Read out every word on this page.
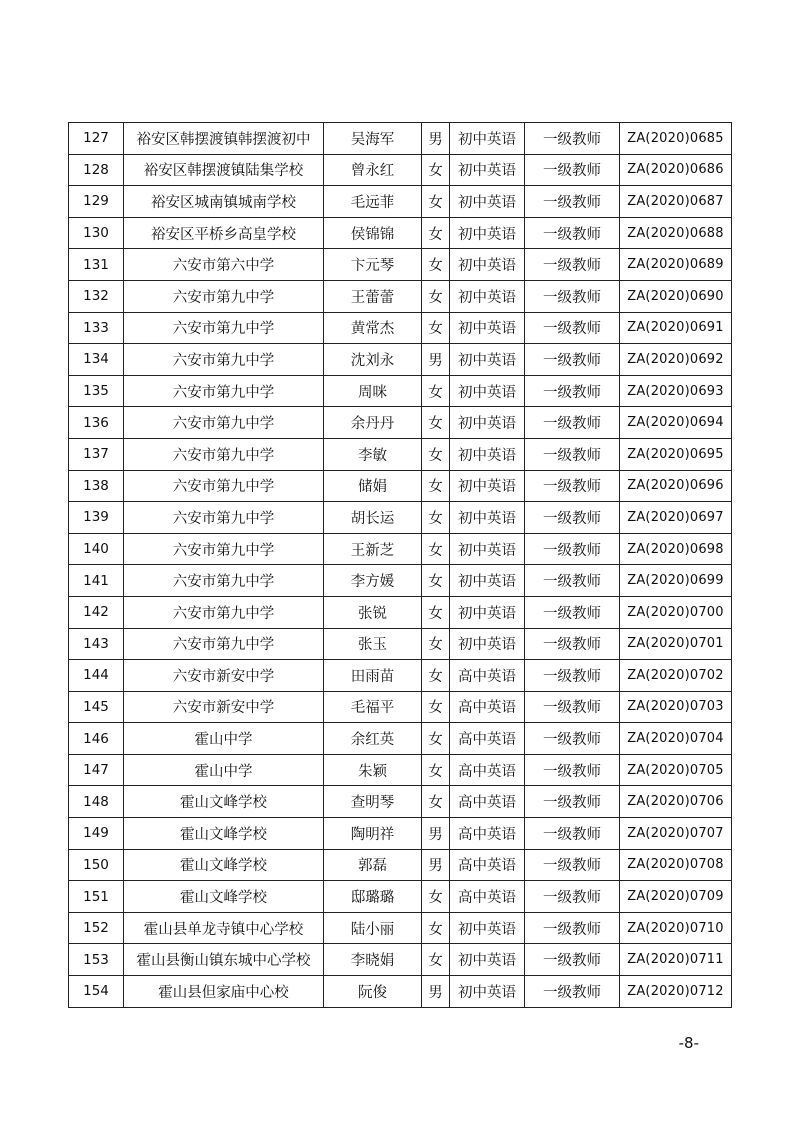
127	裕安区韩摆渡镇韩摆渡初中	吴海军	男	初中英语	一级教师	ZA(2020)0685
128	裕安区韩摆渡镇陆集学校	曾永红	女	初中英语	一级教师	ZA(2020)0686
129	裕安区城南镇城南学校	毛远菲	女	初中英语	一级教师	ZA(2020)0687
130	裕安区平桥乡高皇学校	侯锦锦	女	初中英语	一级教师	ZA(2020)0688
131	六安市第六中学	卞元琴	女	初中英语	一级教师	ZA(2020)0689
132	六安市第九中学	王蕾蕾	女	初中英语	一级教师	ZA(2020)0690
133	六安市第九中学	黄常杰	女	初中英语	一级教师	ZA(2020)0691
134	六安市第九中学	沈刘永	男	初中英语	一级教师	ZA(2020)0692
135	六安市第九中学	周咪	女	初中英语	一级教师	ZA(2020)0693
136	六安市第九中学	余丹丹	女	初中英语	一级教师	ZA(2020)0694
137	六安市第九中学	李敏	女	初中英语	一级教师	ZA(2020)0695
138	六安市第九中学	储娟	女	初中英语	一级教师	ZA(2020)0696
139	六安市第九中学	胡长运	女	初中英语	一级教师	ZA(2020)0697
140	六安市第九中学	王新芝	女	初中英语	一级教师	ZA(2020)0698
141	六安市第九中学	李方媛	女	初中英语	一级教师	ZA(2020)0699
142	六安市第九中学	张锐	女	初中英语	一级教师	ZA(2020)0700
143	六安市第九中学	张玉	女	初中英语	一级教师	ZA(2020)0701
144	六安市新安中学	田雨苗	女	高中英语	一级教师	ZA(2020)0702
145	六安市新安中学	毛福平	女	高中英语	一级教师	ZA(2020)0703
146	霍山中学	余红英	女	高中英语	一级教师	ZA(2020)0704
147	霍山中学	朱颖	女	高中英语	一级教师	ZA(2020)0705
148	霍山文峰学校	查明琴	女	高中英语	一级教师	ZA(2020)0706
149	霍山文峰学校	陶明祥	男	高中英语	一级教师	ZA(2020)0707
150	霍山文峰学校	郭磊	男	高中英语	一级教师	ZA(2020)0708
151	霍山文峰学校	邸璐璐	女	高中英语	一级教师	ZA(2020)0709
152	霍山县单龙寺镇中心学校	陆小丽	女	初中英语	一级教师	ZA(2020)0710
153	霍山县衡山镇东城中心学校	李晓娟	女	初中英语	一级教师	ZA(2020)0711
154	霍山县但家庙中心校	阮俊	男	初中英语	一级教师	ZA(2020)0712
-8-
